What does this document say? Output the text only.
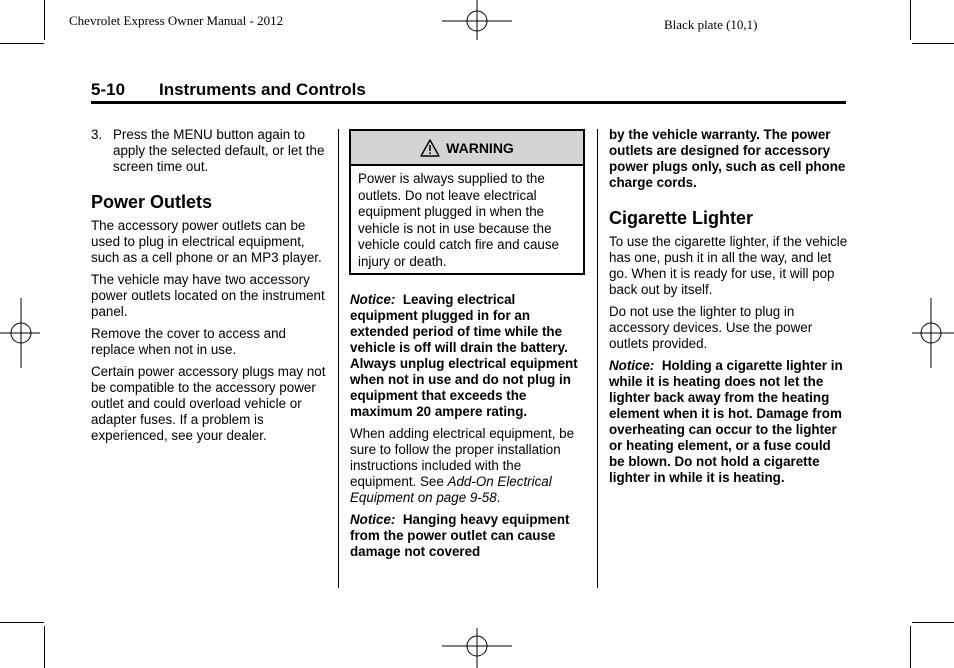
Chevrolet Express Owner Manual - 2012	Black plate (10,1)
5-10 Instruments and Controls
3. Press the MENU button again to apply the selected default, or let the screen time out.
Power Outlets

The accessory power outlets can be used to plug in electrical equipment, such as a cell phone or an MP3 player.

The vehicle may have two accessory power outlets located on the instrument panel.

Remove the cover to access and replace when not in use.

Certain power accessory plugs may not be compatible to the accessory power outlet and could overload vehicle or adapter fuses. If a problem is experienced, see your dealer.

WARNING
Power is always supplied to the outlets. Do not leave electrical equipment plugged in when the vehicle is not in use because the vehicle could catch fire and cause injury or death.

Notice: Leaving electrical equipment plugged in for an extended period of time while the vehicle is off will drain the battery. Always unplug electrical equipment when not in use and do not plug in equipment that exceeds the maximum 20 ampere rating.

When adding electrical equipment, be sure to follow the proper installation instructions included with the equipment. See Add-On Electrical Equipment on page 9-58.

Notice: Hanging heavy equipment from the power outlet can cause damage not covered

by the vehicle warranty. The power outlets are designed for accessory power plugs only, such as cell phone charge cords.

Cigarette Lighter

To use the cigarette lighter, if the vehicle has one, push it in all the way, and let go. When it is ready for use, it will pop back out by itself.

Do not use the lighter to plug in accessory devices. Use the power outlets provided.

Notice: Holding a cigarette lighter in while it is heating does not let the lighter back away from the heating element when it is hot. Damage from overheating can occur to the lighter or heating element, or a fuse could be blown. Do not hold a cigarette lighter in while it is heating.
